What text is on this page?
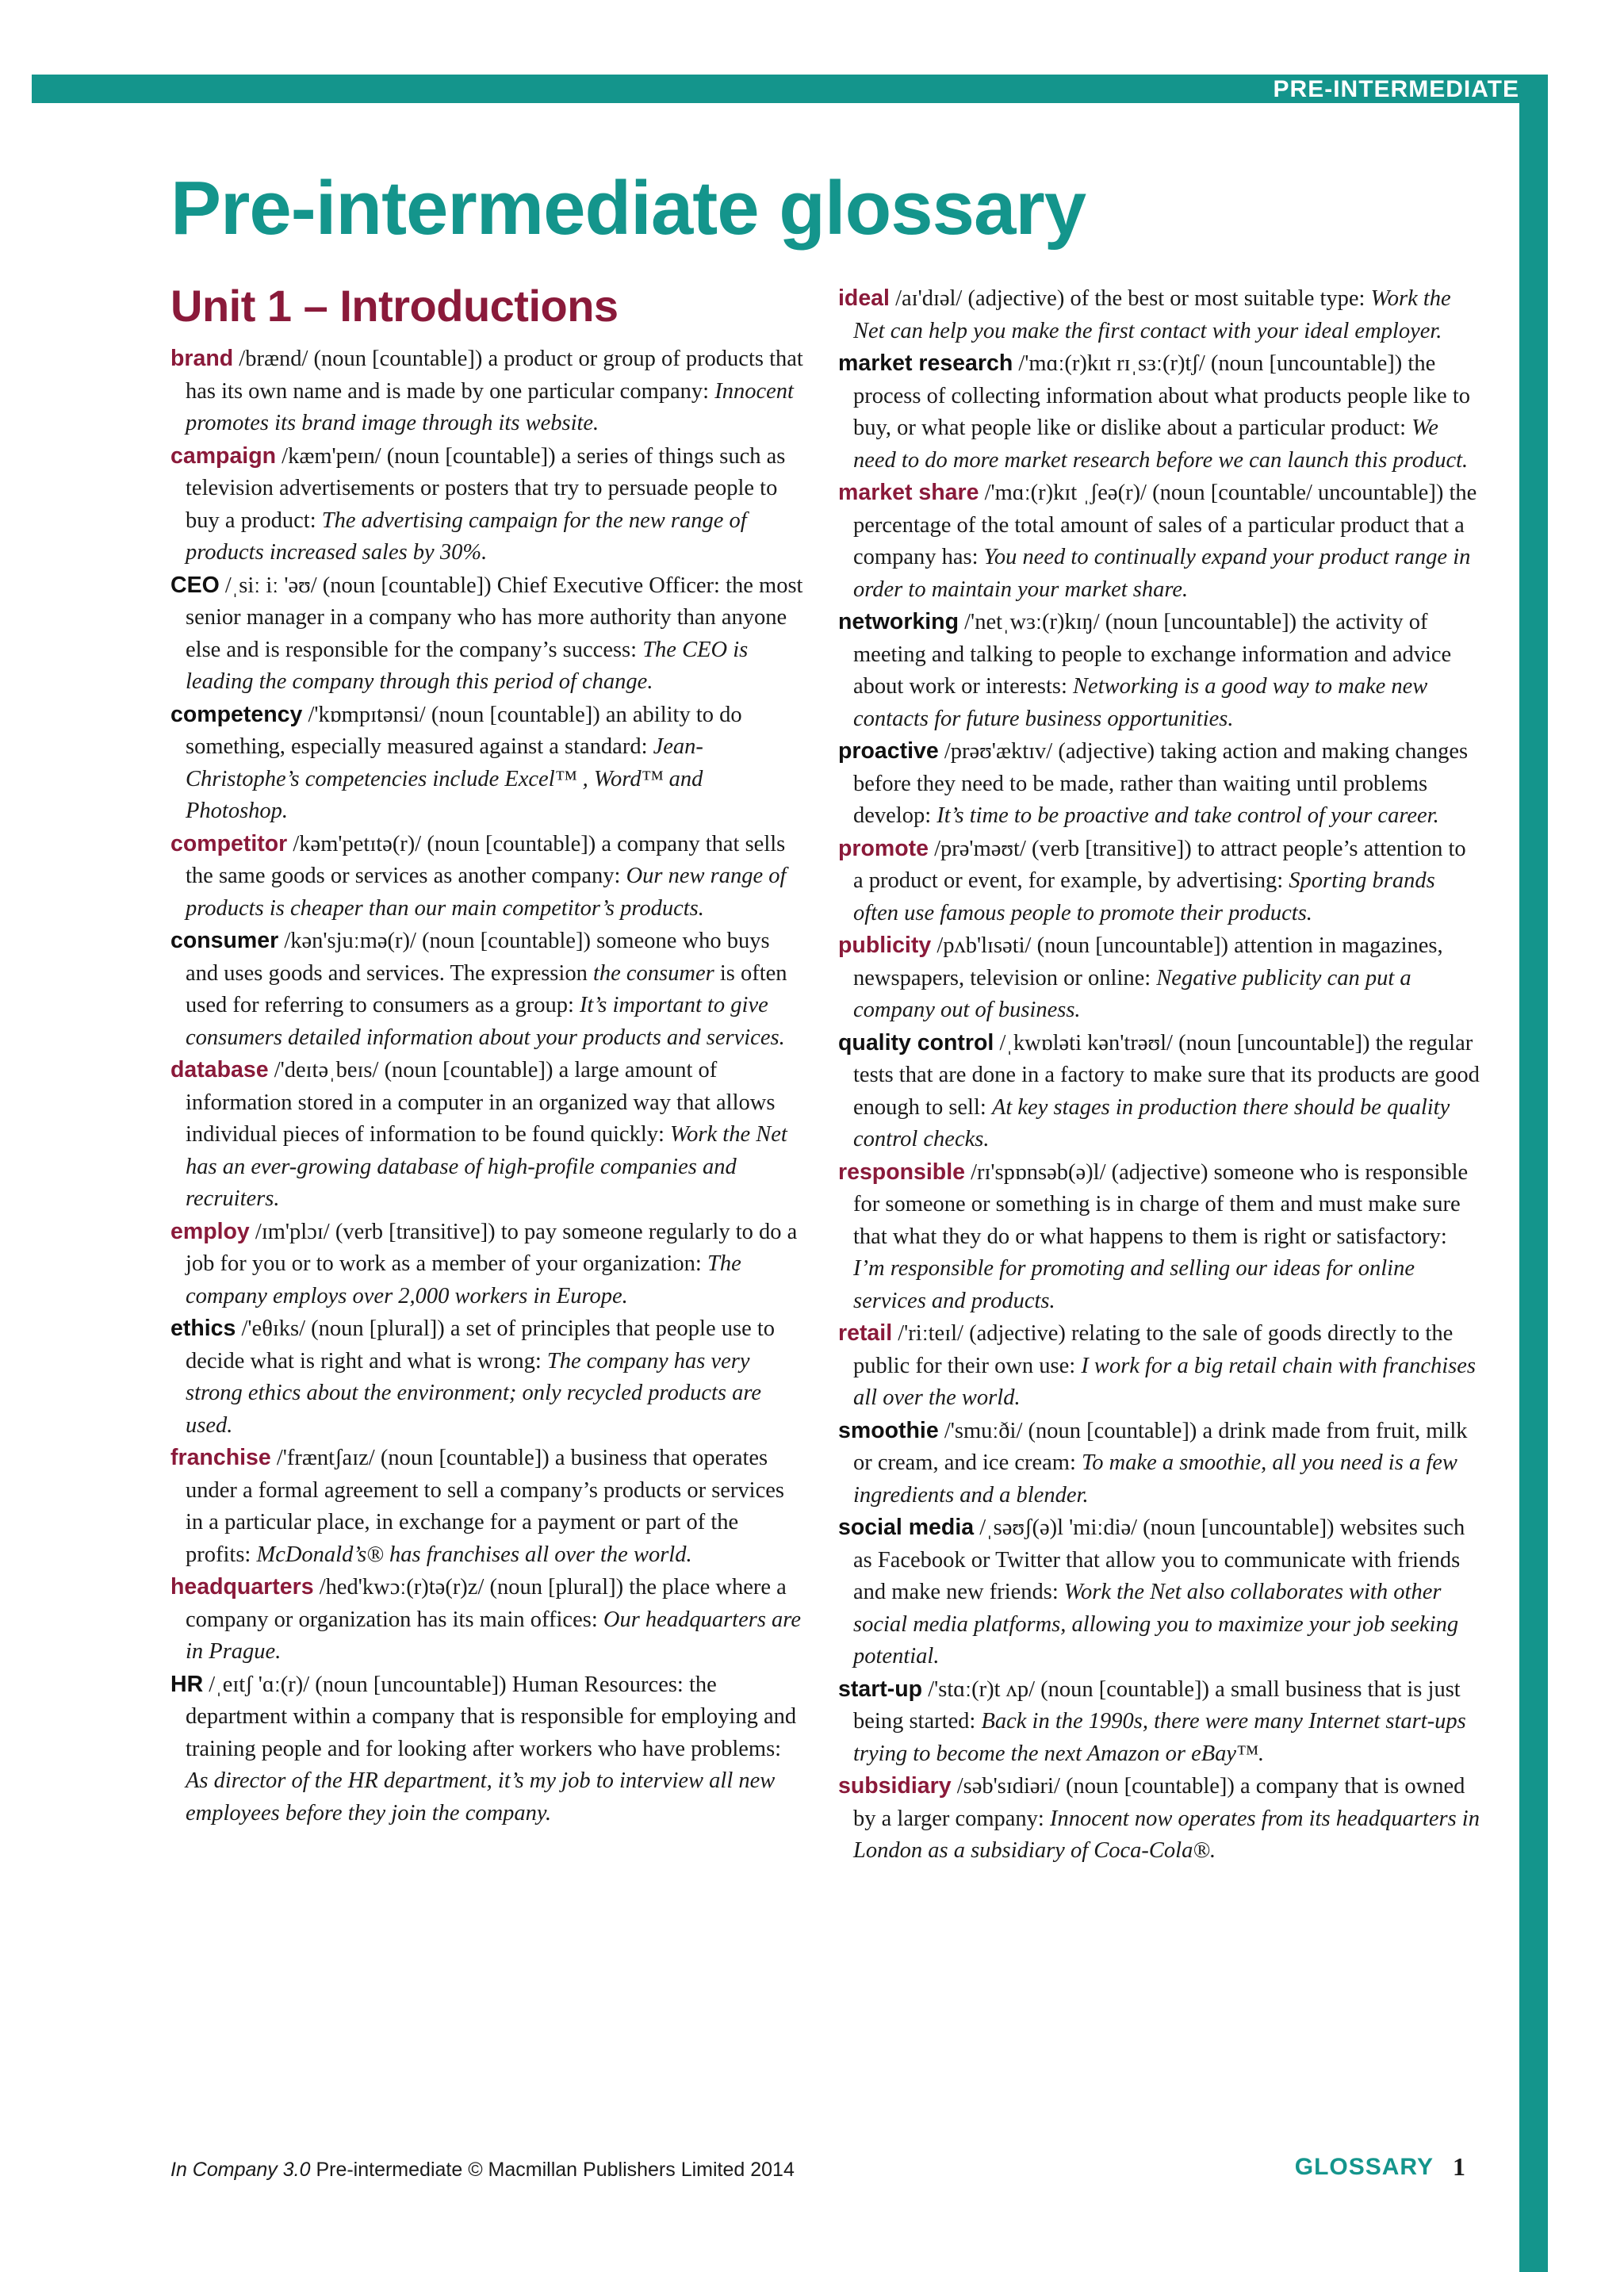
PRE-INTERMEDIATE
Pre-intermediate glossary
Unit 1 – Introductions

brand /brænd/ (noun [countable]) a product or group of products that has its own name and is made by one particular company: Innocent promotes its brand image through its website.

campaign /kæm'peɪn/ (noun [countable]) a series of things such as television advertisements or posters that try to persuade people to buy a product: The advertising campaign for the new range of products increased sales by 30%.

CEO /ˌsiː iː 'əʊ/ (noun [countable]) Chief Executive Officer: the most senior manager in a company who has more authority than anyone else and is responsible for the company’s success: The CEO is leading the company through this period of change.

competency /'kɒmpɪtənsi/ (noun [countable]) an ability to do something, especially measured against a standard: Jean-Christophe’s competencies include Excel™ , Word™ and Photoshop.

competitor /kəm'petɪtə(r)/ (noun [countable]) a company that sells the same goods or services as another company: Our new range of products is cheaper than our main competitor’s products.

consumer /kən'sjuːmə(r)/ (noun [countable]) someone who buys and uses goods and services. The expression the consumer is often used for referring to consumers as a group: It’s important to give consumers detailed information about your products and services.

database /'deɪtəˌbeɪs/ (noun [countable]) a large amount of information stored in a computer in an organized way that allows individual pieces of information to be found quickly: Work the Net has an ever-growing database of high-profile companies and recruiters.

employ /ɪm'plɔɪ/ (verb [transitive]) to pay someone regularly to do a job for you or to work as a member of your organization: The company employs over 2,000 workers in Europe.

ethics /'eθɪks/ (noun [plural]) a set of principles that people use to decide what is right and what is wrong: The company has very strong ethics about the environment; only recycled products are used.

franchise /'fræntʃaɪz/ (noun [countable]) a business that operates under a formal agreement to sell a company’s products or services in a particular place, in exchange for a payment or part of the profits: McDonald’s® has franchises all over the world.

headquarters /hed'kwɔː(r)tə(r)z/ (noun [plural]) the place where a company or organization has its main offices: Our headquarters are in Prague.

HR /ˌeɪtʃ 'ɑː(r)/ (noun [uncountable]) Human Resources: the department within a company that is responsible for employing and training people and for looking after workers who have problems: As director of the HR department, it’s my job to interview all new employees before they join the company.

ideal /aɪ'dɪəl/ (adjective) of the best or most suitable type: Work the Net can help you make the first contact with your ideal employer.

market research /'mɑː(r)kɪt rɪˌsɜː(r)tʃ/ (noun [uncountable]) the process of collecting information about what products people like to buy, or what people like or dislike about a particular product: We need to do more market research before we can launch this product.

market share /'mɑː(r)kɪt ˌʃeə(r)/ (noun [countable/ uncountable]) the percentage of the total amount of sales of a particular product that a company has: You need to continually expand your product range in order to maintain your market share.

networking /'netˌwɜː(r)kɪŋ/ (noun [uncountable]) the activity of meeting and talking to people to exchange information and advice about work or interests: Networking is a good way to make new contacts for future business opportunities.

proactive /prəʊ'æktɪv/ (adjective) taking action and making changes before they need to be made, rather than waiting until problems develop: It’s time to be proactive and take control of your career.

promote /prə'məʊt/ (verb [transitive]) to attract people’s attention to a product or event, for example, by advertising: Sporting brands often use famous people to promote their products.

publicity /pʌb'lɪsəti/ (noun [uncountable]) attention in magazines, newspapers, television or online: Negative publicity can put a company out of business.

quality control /ˌkwɒləti kən'trəʊl/ (noun [uncountable]) the regular tests that are done in a factory to make sure that its products are good enough to sell: At key stages in production there should be quality control checks.

responsible /rɪ'spɒnsəb(ə)l/ (adjective) someone who is responsible for someone or something is in charge of them and must make sure that what they do or what happens to them is right or satisfactory: I’m responsible for promoting and selling our ideas for online services and products.

retail /'riːteɪl/ (adjective) relating to the sale of goods directly to the public for their own use: I work for a big retail chain with franchises all over the world.

smoothie /'smuːði/ (noun [countable]) a drink made from fruit, milk or cream, and ice cream: To make a smoothie, all you need is a few ingredients and a blender.

social media /ˌsəʊʃ(ə)l 'miːdiə/ (noun [uncountable]) websites such as Facebook or Twitter that allow you to communicate with friends and make new friends: Work the Net also collaborates with other social media platforms, allowing you to maximize your job seeking potential.

start-up /'stɑː(r)t ʌp/ (noun [countable]) a small business that is just being started: Back in the 1990s, there were many Internet start-ups trying to become the next Amazon or eBay™.

subsidiary /səb'sɪdiəri/ (noun [countable]) a company that is owned by a larger company: Innocent now operates from its headquarters in London as a subsidiary of Coca-Cola®.

In Company 3.0 Pre-intermediate © Macmillan Publishers Limited 2014	GLOSSARY 1
